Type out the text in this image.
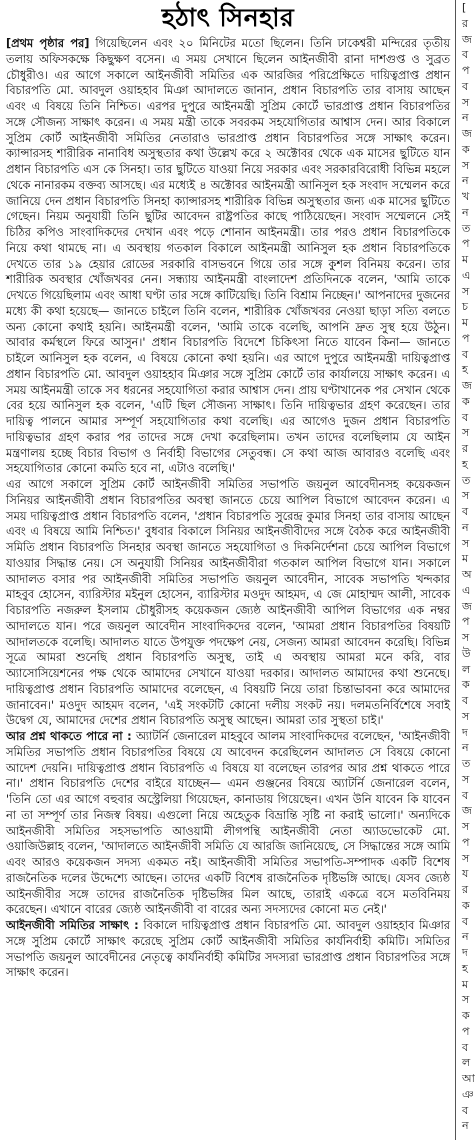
হঠাৎ সিনহার

[প্রথম পৃষ্ঠার পর] গিয়েছিলেন এবং ২০ মিনিটের মতো ছিলেন। তিনি ঢাকেশ্বরী মন্দিরের তৃতীয় তলায় অফিসকক্ষে কিছুক্ষণ বসেন। এ সময় সেখানে ছিলেন আইনজীবী রানা দাশগুপ্ত ও সুব্রত চৌধুরীও। এর আগে সকালে আইনজীবী সমিতির এক আরজির পরিপ্রেক্ষিতে দায়িত্বপ্রাপ্ত প্রধান বিচারপতি মো. আবদুল ওয়াহহাব মিঞা আদালতে জানান, প্রধান বিচারপতি তার বাসায় আছেন এবং এ বিষয়ে তিনি নিশ্চিত। এরপর দুপুরে আইনমন্ত্রী সুপ্রিম কোর্টে ভারপ্রাপ্ত প্রধান বিচারপতির সঙ্গে সৌজন্য সাক্ষাৎ করেন। এ সময় মন্ত্রী তাকে সবরকম সহযোগিতার আশ্বাস দেন। আর বিকালে সুপ্রিম কোর্ট আইনজীবী সমিতির নেতারাও ভারপ্রাপ্ত প্রধান বিচারপতির সঙ্গে সাক্ষাৎ করেন। ক্যান্সারসহ শারীরিক নানাবিধ অসুস্থতার কথা উল্লেখ করে ২ অক্টোবর থেকে এক মাসের ছুটিতে যান প্রধান বিচারপতি এস কে সিনহা। তার ছুটিতে যাওয়া নিয়ে সরকার এবং সরকারবিরোধী বিভিন্ন মহলে থেকে নানারকম বক্তব্য আসছে। এর মধ্যেই ৪ অক্টোবর আইনমন্ত্রী আনিসুল হক সংবাদ সম্মেলন করে জানিয়ে দেন প্রধান বিচারপতি সিনহা ক্যান্সারসহ শারীরিক বিভিন্ন অসুস্থতার জন্য এক মাসের ছুটিতে গেছেন। নিয়ম অনুযায়ী তিনি ছুটির আবেদন রাষ্ট্রপতির কাছে পাঠিয়েছেন। সংবাদ সম্মেলনে সেই চিঠির কপিও সাংবাদিকদের দেখান এবং পড়ে শোনান আইনমন্ত্রী। তার পরও প্রধান বিচারপতিকে নিয়ে কথা থামছে না। এ অবস্থায় গতকাল বিকালে আইনমন্ত্রী আনিসুল হক প্রধান বিচারপতিকে দেখতে তার ১৯ হেয়ার রোডের সরকারি বাসভবনে গিয়ে তার সঙ্গে কুশল বিনিময় করেন। তার শারীরিক অবস্থার খোঁজখবর নেন। সন্ধ্যায় আইনমন্ত্রী বাংলাদেশ প্রতিদিনকে বলেন, 'আমি তাকে দেখতে গিয়েছিলাম এবং আধা ঘণ্টা তার সঙ্গে কাটিয়েছি। তিনি বিশ্রাম নিচ্ছেন।' আপনাদের দুজনের মধ্যে কী কথা হয়েছে— জানতে চাইলে তিনি বলেন, শারীরিক খোঁজখবর নেওয়া ছাড়া সত্যি বলতে অন্য কোনো কথাই হয়নি। আইনমন্ত্রী বলেন, 'আমি তাকে বলেছি, আপনি দ্রুত সুস্থ হয়ে উঠুন। আবার কর্মস্থলে ফিরে আসুন।' প্রধান বিচারপতি বিদেশে চিকিৎসা নিতে যাবেন কিনা— জানতে চাইলে আনিসুল হক বলেন, এ বিষয়ে কোনো কথা হয়নি। এর আগে দুপুরে আইনমন্ত্রী দায়িত্বপ্রাপ্ত প্রধান বিচারপতি মো. আবদুল ওয়াহহাব মিঞার সঙ্গে সুপ্রিম কোর্টে তার কার্যালয়ে সাক্ষাৎ করেন। এ সময় আইনমন্ত্রী তাকে সব ধরনের সহযোগিতা করার আশ্বাস দেন। প্রায় ঘণ্টাখানেক পর সেখান থেকে বের হয়ে আনিসুল হক বলেন, 'এটি ছিল সৌজন্য সাক্ষাৎ। তিনি দায়িত্বভার গ্রহণ করেছেন। তার দায়িত্ব পালনে আমার সম্পূর্ণ সহযোগিতার কথা বলেছি। এর আগেও দুজন প্রধান বিচারপতি দায়িত্বভার গ্রহণ করার পর তাদের সঙ্গে দেখা করেছিলাম। তখন তাদের বলেছিলাম যে আইন মন্ত্রণালয় হচ্ছে বিচার বিভাগ ও নির্বাহী বিভাগের সেতুবন্ধ। সে কথা আজ আবারও বলেছি এবং সহযোগিতার কোনো কমতি হবে না, এটাও বলেছি।'

এর আগে সকালে সুপ্রিম কোর্ট আইনজীবী সমিতির সভাপতি জয়নুল আবেদীনসহ কয়েকজন সিনিয়র আইনজীবী প্রধান বিচারপতির অবস্থা জানতে চেয়ে আপিল বিভাগে আবেদন করেন। এ সময় দায়িত্বপ্রাপ্ত প্রধান বিচারপতি বলেন, 'প্রধান বিচারপতি সুরেন্দ্র কুমার সিনহা তার বাসায় আছেন এবং এ বিষয়ে আমি নিশ্চিত।' বুধবার বিকালে সিনিয়র আইনজীবীদের সঙ্গে বৈঠক করে আইনজীবী সমিতি প্রধান বিচারপতি সিনহার অবস্থা জানতে সহযোগিতা ও দিকনির্দেশনা চেয়ে আপিল বিভাগে যাওয়ার সিদ্ধান্ত নেয়। সে অনুযায়ী সিনিয়র আইনজীবীরা গতকাল আপিল বিভাগে যান। সকালে আদালত বসার পর আইনজীবী সমিতির সভাপতি জয়নুল আবেদীন, সাবেক সভাপতি খন্দকার মাহবুব হোসেন, ব্যারিস্টার মইনুল হোসেন, ব্যারিস্টার মওদুদ আহমদ, এ জে মোহাম্মদ আলী, সাবেক বিচারপতি নজরুল ইসলাম চৌধুরীসহ কয়েকজন জ্যেষ্ঠ আইনজীবী আপিল বিভাগের এক নম্বর আদালতে যান। পরে জয়নুল আবেদীন সাংবাদিকদের বলেন, 'আমরা প্রধান বিচারপতির বিষয়টি আদালতকে বলেছি। আদালত যাতে উপযুক্ত পদক্ষেপ নেয়, সেজন্য আমরা আবেদন করেছি। বিভিন্ন সূত্রে আমরা শুনেছি প্রধান বিচারপতি অসুস্থ, তাই এ অবস্থায় আমরা মনে করি, বার অ্যাসোসিয়েশনের পক্ষ থেকে আমাদের সেখানে যাওয়া দরকার। আদালত আমাদের কথা শুনেছে। দায়িত্বপ্রাপ্ত প্রধান বিচারপতি আমাদের বলেছেন, এ বিষয়টি নিয়ে তারা চিন্তাভাবনা করে আমাদের জানাবেন।' মওদুদ আহমদ বলেন, 'এই সংকটটি কোনো দলীয় সংকট নয়। দলমতনির্বিশেষে সবাই উদ্বেগ যে, আমাদের দেশের প্রধান বিচারপতি অসুস্থ আছেন। আমরা তার সুস্থতা চাই।'

আর প্রশ্ন থাকতে পারে না : অ্যাটর্নি জেনারেল মাহবুবে আলম সাংবাদিকদের বলেছেন, 'আইনজীবী সমিতির সভাপতি প্রধান বিচারপতির বিষয়ে যে আবেদন করেছিলেন আদালত সে বিষয়ে কোনো আদেশ দেয়নি। দায়িত্বপ্রাপ্ত প্রধান বিচারপতি এ বিষয়ে যা বলেছেন তারপর আর প্রশ্ন থাকতে পারে না।' প্রধান বিচারপতি দেশের বাইরে যাচ্ছেন— এমন গুঞ্জনের বিষয়ে অ্যাটর্নি জেনারেল বলেন, 'তিনি তো এর আগে বহুবার অস্ট্রেলিয়া গিয়েছেন, কানাডায় গিয়েছেন। এখন উনি যাবেন কি যাবেন না তা সম্পূর্ণ তার নিজস্ব বিষয়। এগুলো নিয়ে অহেতুক বিভ্রান্তি সৃষ্টি না করাই ভালো।' অন্যদিকে আইনজীবী সমিতির সহসভাপতি আওয়ামী লীগপন্থি আইনজীবী নেতা অ্যাডভোকেট মো. ওয়াজিউল্লাহ বলেন, 'আদালতে আইনজীবী সমিতি যে আরজি জানিয়েছে, সে সিদ্ধান্তের সঙ্গে আমি এবং আরও কয়েকজন সদস্য একমত নই। আইনজীবী সমিতির সভাপতি-সম্পাদক একটি বিশেষ রাজনৈতিক দলের উদ্দেশ্যে আছেন। তাদের একটি বিশেষ রাজনৈতিক দৃষ্টিভঙ্গি আছে। যেসব জ্যেষ্ঠ আইনজীবীর সঙ্গে তাদের রাজনৈতিক দৃষ্টিভঙ্গির মিল আছে, তারাই একত্রে বসে মতবিনিময় করেছেন। এখানে বারের জ্যেষ্ঠ আইনজীবী বা বারের অন্য সদস্যদের কোনো মত নেই।'

আইনজীবী সমিতির সাক্ষাৎ : বিকালে দায়িত্বপ্রাপ্ত প্রধান বিচারপতি মো. আবদুল ওয়াহহাব মিঞার সঙ্গে সুপ্রিম কোর্টে সাক্ষাৎ করেছে সুপ্রিম কোর্ট আইনজীবী সমিতির কার্যনির্বাহী কমিটি। সমিতির সভাপতি জয়নুল আবেদীনের নেতৃত্বে কার্যনির্বাহী কমিটির সদস্যরা ভারপ্রাপ্ত প্রধান বিচারপতির সঙ্গে সাক্ষাৎ করেন।

[
র
জ
ব
প
ব
স
ন
জ
ক
স
ন
খ
ন
ত
প
ম
এ
স
চ
ম
প
ব
হ
জ
ক
ব
স
র
হ
ত
স
ব
ন
স
ম
অ
এ
জ
প
স
উ
ল
ক
ব
স
দ
ন
ত
স
ব
জ
স
প
স
য
র
ক
ব
ন
দ
হ
ম
স
ক
প
ব
ল
আ
ঞ
ব
ন
